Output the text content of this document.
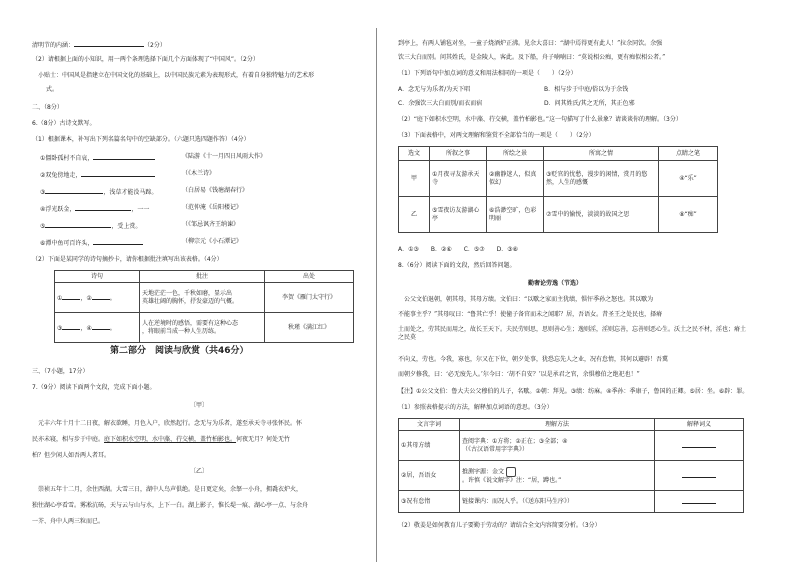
清明节的内涵：	（2分）
（2）请根据上面的小知识，用一两个条理选择下面几个方面体现了“中国风”。（2分）
小贴士：中国风是指建立在中国文化的基础上，以中国民族元素为表现形式，有着自身独特魅力的艺术形
式。
二、（8分）
6.（8分）古诗文默写。
（1）根据课本，补写出下列名篇名句中的空缺部分。（六题只选四题作答）（4分）
①僵卧孤村不自哀，	《陆游《十一月四日风雨大作》
②双兔傍地走，	（《木兰诗》
③	，浅草才能没马蹄。	（白居易《钱塘湖春行》
④浮光跃金，	，一一	（范仲淹《岳阳楼记》
⑤	，受上赏。	（《邹忌讽齐王纳谏》
⑥潭中鱼可百许头，	（柳宗元《小石潭记》
（2）下面是某同学的诗句摘抄卡，请你根据批注填写出该表格。（4分）
诗句	批注	出处
① ，② 。	天地茫茫一色，千秋如磨，显示出
英雄壮阔的胸怀，抒发豪迈的气概。	李贺《雁门太守行》
③ ，④ 。	人在逆境时的感悟，需要有这种心态
，将眼前当成一种人生历练。	秋瑾《满江红》
第二部分　阅读与欣赏（共46分）
三、（7小题，17分）
7.（9分）阅读下面两个文段，完成下面小题。
〔甲〕
元丰六年十月十二日夜，解衣欲睡，月色入户，欣然起行。念无与为乐者，遂至承天寺寻张怀民。怀
民亦未寝，相与步于中庭。庭下如积水空明，水中藻、荇交横，盖竹柏影也。何夜无月？何处无竹
柏？但少闲人如吾两人者耳。
〔乙〕
崇祯五年十二月，余住西湖。大雪三日，湖中人鸟声俱绝。是日更定矣，余拏一小舟，拥毳衣炉火，
独往湖心亭看雪。雾凇沆砀，天与云与山与水，上下一白。湖上影子，惟长堤一痕、湖心亭一点、与余舟
一芥、舟中人两三粒而已。
到亭上，有两人铺毡对坐，一童子烧酒炉正沸。见余大喜曰：“湖中焉得更有此人！”拉余同饮。余强
饮三大白而别。问其姓氏，是金陵人，客此。及下船，舟子喃喃曰：“莫说相公痴，更有痴似相公者。”
（1）下列语句中加点词的意义和用法相同的一项是（　　）（2分）
A．念无与为乐者/为天下唱	B．相与步于中庭/俗以为于余钱
C．余强饮三大白而别/而衣而宿	D．问其姓氏/其之无所，其正色邪
（2）“庭下如积水空明，水中藻、荇交横，盖竹柏影也。”这一句描写了什么景象？请谈谈你的理解。（3分）
（3）下面表格中，对两文理解和鉴赏不全部恰当的一项是（　　）（2分）
选文	所叙之事	所绘之景	所寓之情	点睛之笔
甲	①月夜寻友游承天寺	②幽静迷人，似真似幻	③贬官的忧愁，漫步的闲情，赏月的悠然，人生的感慨	④“乐”
乙	⑤雪夜访友游湖心亭	⑥浩渺空旷，色彩明丽	⑦雪中的愉悦，淡淡的故国之思	⑧“痴”
A．①③　　B．②⑥　　C．⑤⑦　　D．③⑧
8.（6分）阅读下面的文段，然后回答问题。
勤奢论劳逸（节选）
公父文伯退朝，朝其母，其母方绩。文伯曰：“以歜之家而主犹绩，惧忓季孙之怒也。其以歜为
不能事主乎？”其母叹曰：“鲁其亡乎！使僮子备官而未之闻耶？居，吾语女。昔圣王之处民也，择瘠
土而处之，劳其民而用之，故长王天下。夫民劳则思，思则善心生；逸则淫，淫则忘善，忘善则恶心生。沃土之民不材，淫也；瘠土之民莫
不向义，劳也。今我，寡也，尔又在下位，朝夕处事，犹恐忘先人之业，况有怠惰，其何以避辟！吾冀
而朝夕修我，曰：‘必无废先人。’尔今曰：‘胡不自安？’以是承君之官，余惧穆伯之绝祀也！”
【注】①公父文伯：鲁大夫公父穆伯的儿子，名歜。②朝：拜见。③绩：纺麻。④季孙：季康子，鲁国的正卿。⑤居：坐。⑥辟：罪。
（1）参照表格提示的方法，解释加点词语的意思。（3分）
文言字词	理解方法	解释词义
①其母方绩	查阅字典：①方将；②正在；③全部；④
（《古汉语常用字字典》）	

②居，吾语女	推测字源：金文
。许慎《说文解字》注：“居，蹲也。”	

③况有怠惰	链接课内：而况人乎。（《送东阳马生序》）	
（2）敬姜是如何教育儿子要勤于劳动的？请结合全文内容简要分析。（3分）
